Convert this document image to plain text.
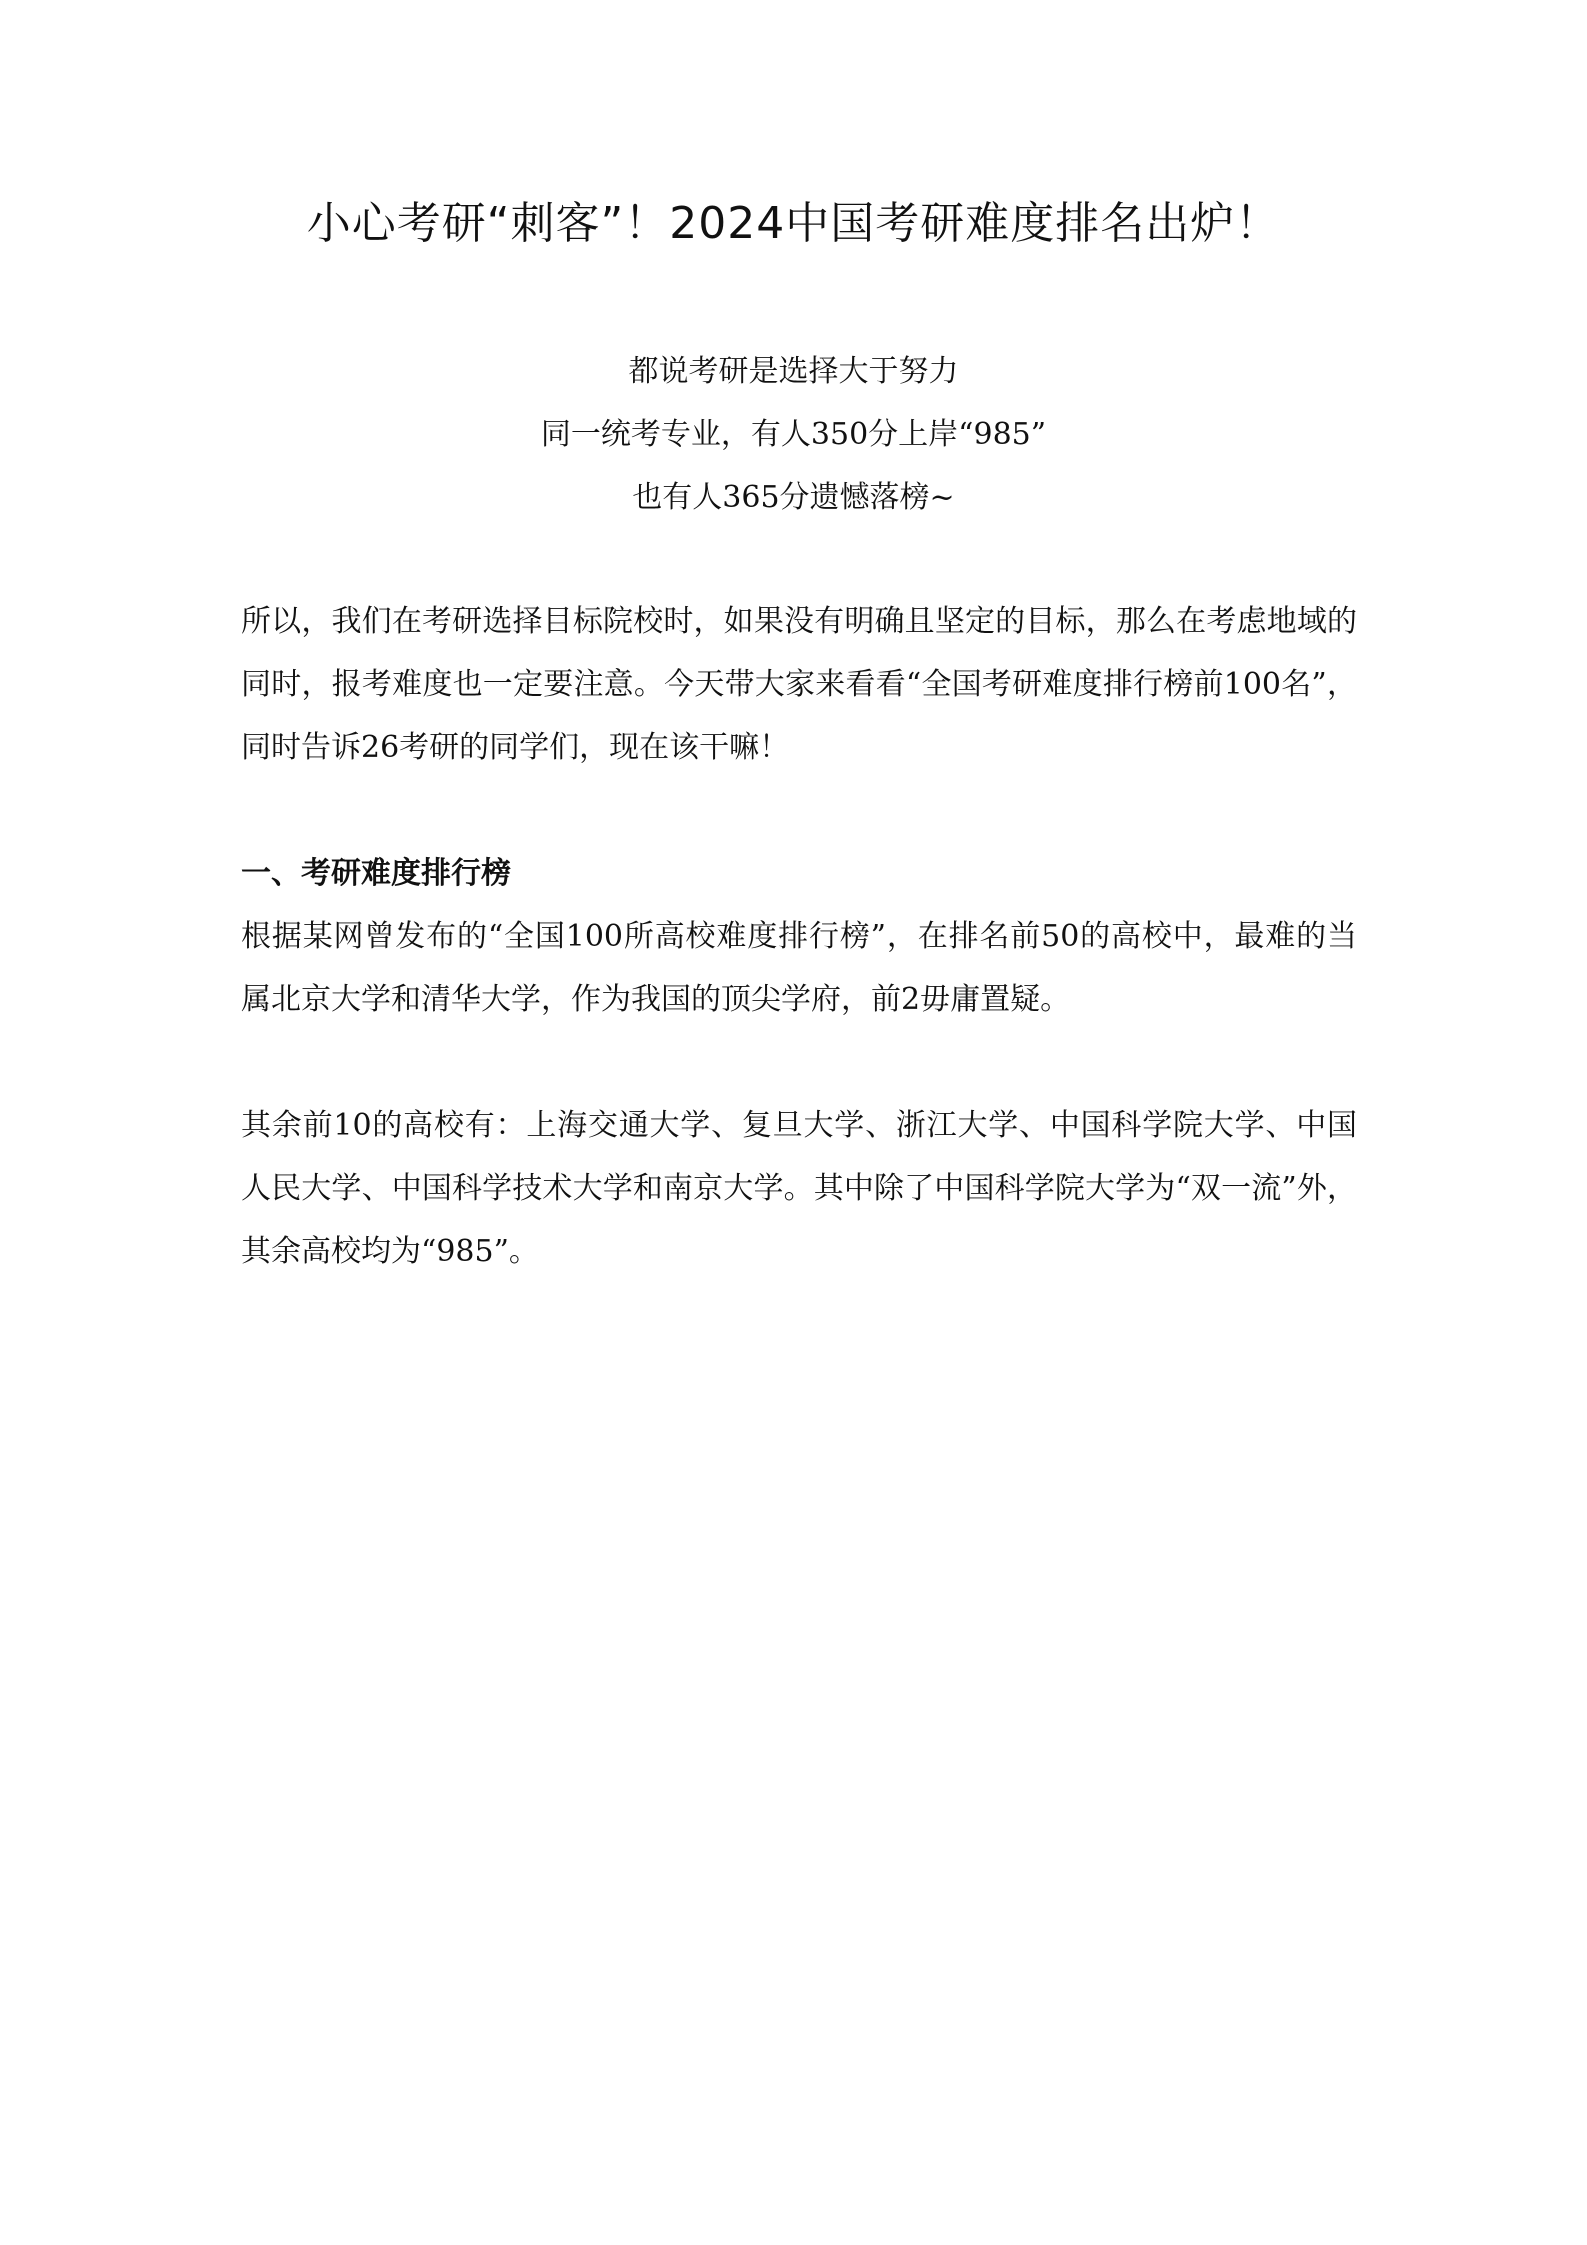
小心考研“刺客”！2024中国考研难度排名出炉！

都说考研是选择大于努力

同一统考专业，有人350分上岸“985”

也有人365分遗憾落榜~

所以，我们在考研选择目标院校时，如果没有明确且坚定的目标，那么在考虑地域的同时，报考难度也一定要注意。今天带大家来看看“全国考研难度排行榜前100名”，同时告诉26考研的同学们，现在该干嘛！

一、考研难度排行榜

根据某网曾发布的“全国100所高校难度排行榜”，在排名前50的高校中，最难的当属北京大学和清华大学，作为我国的顶尖学府，前2毋庸置疑。

其余前10的高校有：上海交通大学、复旦大学、浙江大学、中国科学院大学、中国人民大学、中国科学技术大学和南京大学。其中除了中国科学院大学为“双一流”外，其余高校均为“985”。
